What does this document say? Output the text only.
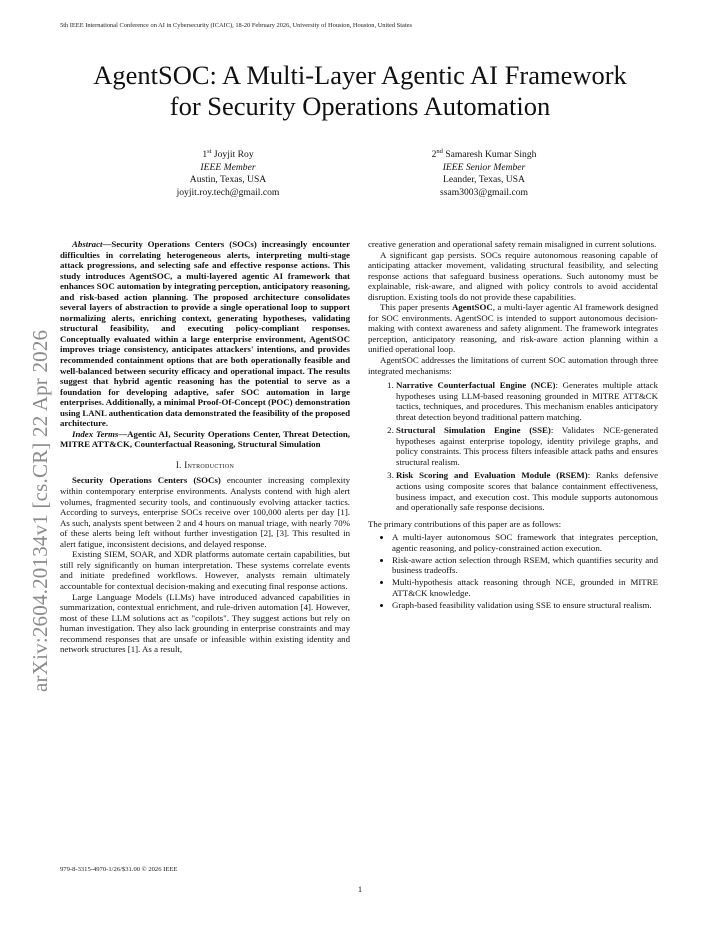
5th IEEE International Conference on AI in Cybersecurity (ICAIC), 18-20 February 2026, University of Houston, Houston, United States
arXiv:2604.20134v1 [cs.CR] 22 Apr 2026
AgentSOC: A Multi-Layer Agentic AI Framework
for Security Operations Automation
1st Joyjit Roy
IEEE Member
Austin, Texas, USA
joyjit.roy.tech@gmail.com
2nd Samaresh Kumar Singh
IEEE Senior Member
Leander, Texas, USA
ssam3003@gmail.com

Abstract—Security Operations Centers (SOCs) increasingly encounter difficulties in correlating heterogeneous alerts, interpreting multi-stage attack progressions, and selecting safe and effective response actions. This study introduces AgentSOC, a multi-layered agentic AI framework that enhances SOC automation by integrating perception, anticipatory reasoning, and risk-based action planning. The proposed architecture consolidates several layers of abstraction to provide a single operational loop to support normalizing alerts, enriching context, generating hypotheses, validating structural feasibility, and executing policy-compliant responses. Conceptually evaluated within a large enterprise environment, AgentSOC improves triage consistency, anticipates attackers' intentions, and provides recommended containment options that are both operationally feasible and well-balanced between security efficacy and operational impact. The results suggest that hybrid agentic reasoning has the potential to serve as a foundation for developing adaptive, safer SOC automation in large enterprises. Additionally, a minimal Proof-Of-Concept (POC) demonstration using LANL authentication data demonstrated the feasibility of the proposed architecture.

Index Terms—Agentic AI, Security Operations Center, Threat Detection, MITRE ATT&CK, Counterfactual Reasoning, Structural Simulation

I. Introduction

Security Operations Centers (SOCs) encounter increasing complexity within contemporary enterprise environments. Analysts contend with high alert volumes, fragmented security tools, and continuously evolving attacker tactics. According to surveys, enterprise SOCs receive over 100,000 alerts per day [1]. As such, analysts spent between 2 and 4 hours on manual triage, with nearly 70% of these alerts being left without further investigation [2], [3]. This resulted in alert fatigue, inconsistent decisions, and delayed response.

Existing SIEM, SOAR, and XDR platforms automate certain capabilities, but still rely significantly on human interpretation. These systems correlate events and initiate predefined workflows. However, analysts remain ultimately accountable for contextual decision-making and executing final response actions.

Large Language Models (LLMs) have introduced advanced capabilities in summarization, contextual enrichment, and rule-driven automation [4]. However, most of these LLM solutions act as "copilots". They suggest actions but rely on human investigation. They also lack grounding in enterprise constraints and may recommend responses that are unsafe or infeasible within existing identity and network structures [1]. As a result,

creative generation and operational safety remain misaligned in current solutions.

A significant gap persists. SOCs require autonomous reasoning capable of anticipating attacker movement, validating structural feasibility, and selecting response actions that safeguard business operations. Such autonomy must be explainable, risk-aware, and aligned with policy controls to avoid accidental disruption. Existing tools do not provide these capabilities.

This paper presents AgentSOC, a multi-layer agentic AI framework designed for SOC environments. AgentSOC is intended to support autonomous decision-making with context awareness and safety alignment. The framework integrates perception, anticipatory reasoning, and risk-aware action planning within a unified operational loop.

AgentSOC addresses the limitations of current SOC automation through three integrated mechanisms:

1. Narrative Counterfactual Engine (NCE): Generates multiple attack hypotheses using LLM-based reasoning grounded in MITRE ATT&CK tactics, techniques, and procedures. This mechanism enables anticipatory threat detection beyond traditional pattern matching.
2. Structural Simulation Engine (SSE): Validates NCE-generated hypotheses against enterprise topology, identity privilege graphs, and policy constraints. This process filters infeasible attack paths and ensures structural realism.
3. Risk Scoring and Evaluation Module (RSEM): Ranks defensive actions using composite scores that balance containment effectiveness, business impact, and execution cost. This module supports autonomous and operationally safe response decisions.

The primary contributions of this paper are as follows:

• A multi-layer autonomous SOC framework that integrates perception, agentic reasoning, and policy-constrained action execution.
• Risk-aware action selection through RSEM, which quantifies security and business tradeoffs.
• Multi-hypothesis attack reasoning through NCE, grounded in MITRE ATT&CK knowledge.
• Graph-based feasibility validation using SSE to ensure structural realism.
979-8-3315-4970-1/26/$31.00 © 2026 IEEE
1
